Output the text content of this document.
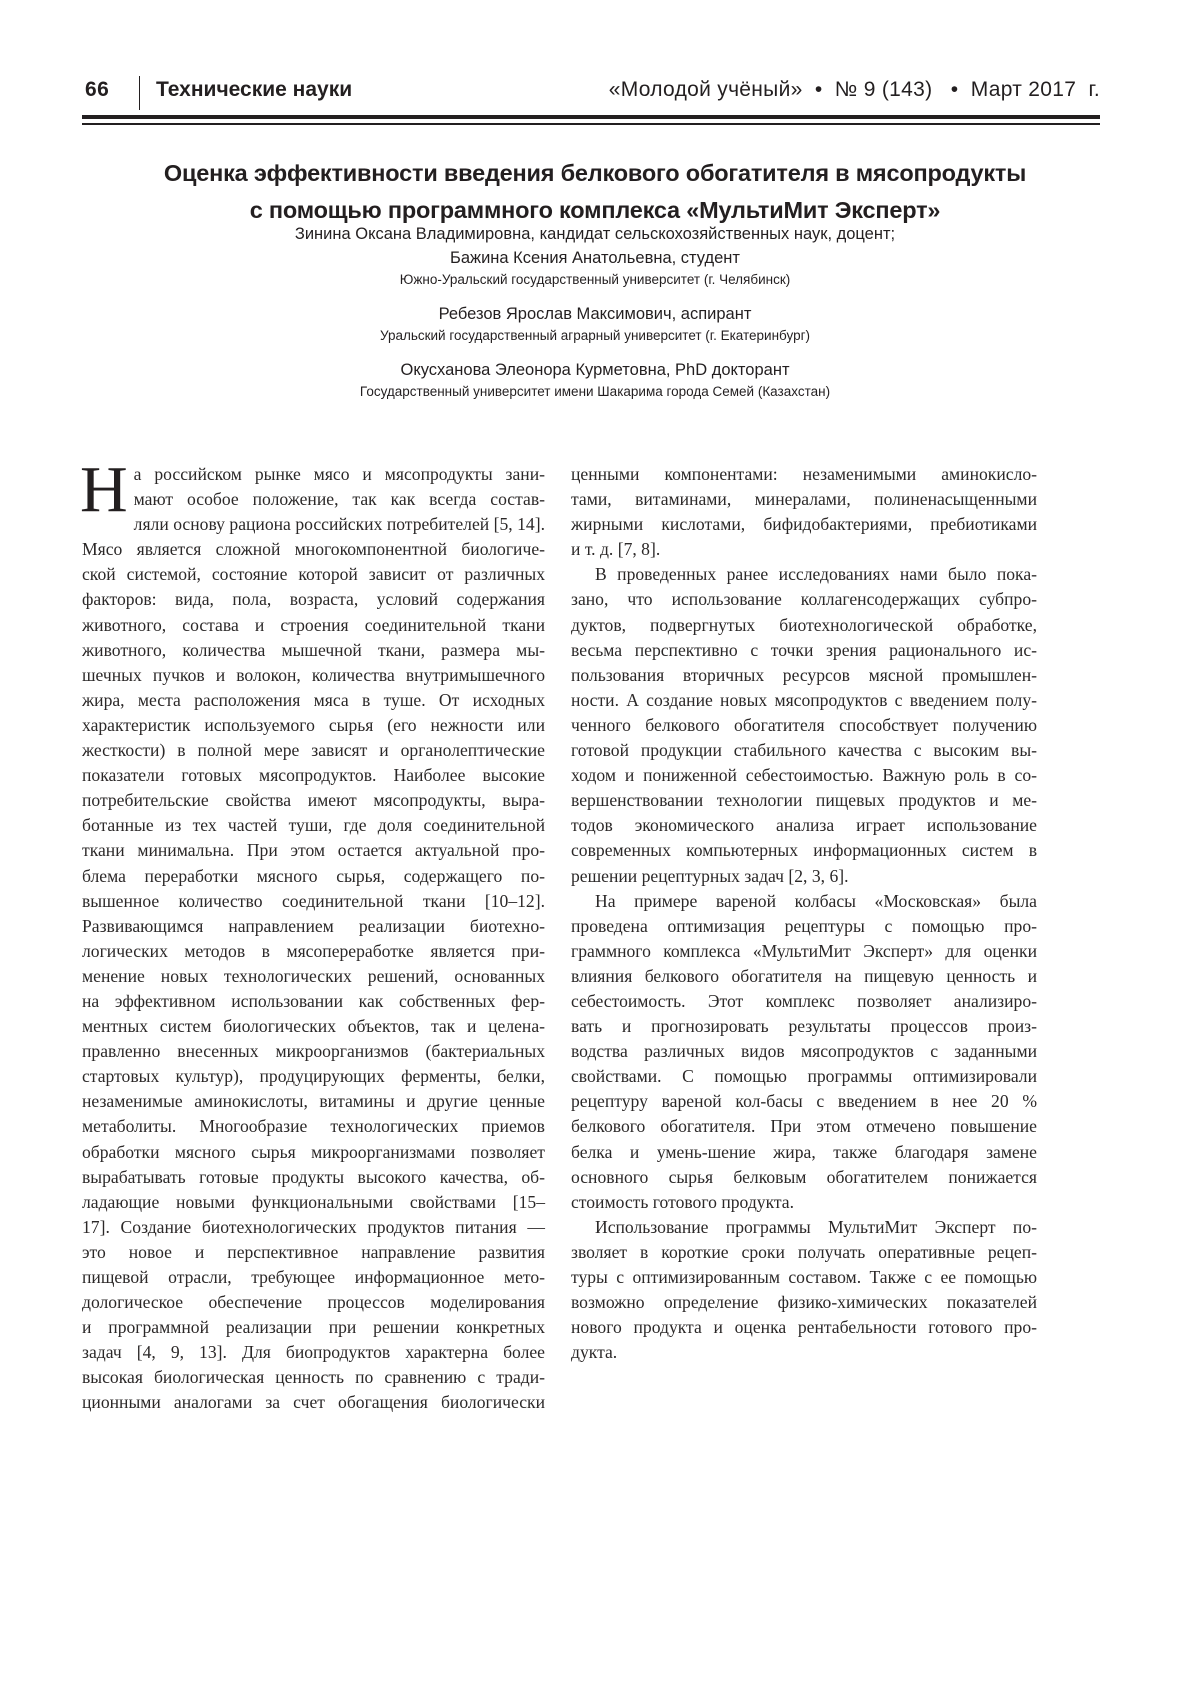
66 Технические науки	«Молодой учёный»  •  № 9 (143)   •  Март 2017  г.
Оценка эффективности введения белкового обогатителя в мясопродукты
с помощью программного комплекса «МультиМит Эксперт»
Зинина Оксана Владимировна, кандидат сельскохозяйственных наук, доцент;
Бажина Ксения Анатольевна, студент
Южно-Уральский государственный университет (г. Челябинск)
Ребезов Ярослав Максимович, аспирант
Уральский государственный аграрный университет (г. Екатеринбург)
Окусханова Элеонора Курметовна, PhD докторант
Государственный университет имени Шакарима города Семей (Казахстан)
Н а российском рынке мясо и мясопродукты зани-
мают особое положение, так как всегда состав-
ляли основу рациона российских потребителей [5, 14].
Мясо является сложной многокомпонентной биологиче-
ской системой, состояние которой зависит от различных
факторов: вида, пола, возраста, условий содержания
животного, состава и строения соединительной ткани
животного, количества мышечной ткани, размера мы-
шечных пучков и волокон, количества внутримышечного
жира, места расположения мяса в туше. От исходных
характеристик используемого сырья (его нежности или
жесткости) в полной мере зависят и органолептические
показатели готовых мясопродуктов. Наиболее высокие
потребительские свойства имеют мясопродукты, выра-
ботанные из тех частей туши, где доля соединительной
ткани минимальна. При этом остается актуальной про-
блема переработки мясного сырья, содержащего по-
вышенное количество соединительной ткани [10–12].
Развивающимся направлением реализации биотехно-
логических методов в мясопереработке является при-
менение новых технологических решений, основанных
на эффективном использовании как собственных фер-
ментных систем биологических объектов, так и целена-
правленно внесенных микроорганизмов (бактериальных
стартовых культур), продуцирующих ферменты, белки,
незаменимые аминокислоты, витамины и другие ценные
метаболиты. Многообразие технологических приемов
обработки мясного сырья микроорганизмами позволяет
вырабатывать готовые продукты высокого качества, об-
ладающие новыми функциональными свойствами [15–
17]. Создание биотехнологических продуктов питания —
это новое и перспективное направление развития
пищевой отрасли, требующее информационное мето-
дологическое обеспечение процессов моделирования
и программной реализации при решении конкретных
задач [4, 9, 13]. Для биопродуктов характерна более
высокая биологическая ценность по сравнению с тради-
ционными аналогами за счет обогащения биологически
ценными компонентами: незаменимыми аминокисло-
тами, витаминами, минералами, полиненасыщенными
жирными кислотами, бифидобактериями, пребиотиками
и т. д. [7, 8].
В проведенных ранее исследованиях нами было пока-
зано, что использование коллагенсодержащих субпро-
дуктов, подвергнутых биотехнологической обработке,
весьма перспективно с точки зрения рационального ис-
пользования вторичных ресурсов мясной промышлен-
ности. А создание новых мясопродуктов с введением полу-
ченного белкового обогатителя способствует получению
готовой продукции стабильного качества с высоким вы-
ходом и пониженной себестоимостью. Важную роль в со-
вершенствовании технологии пищевых продуктов и ме-
тодов экономического анализа играет использование
современных компьютерных информационных систем в
решении рецептурных задач [2, 3, 6].
На примере вареной колбасы «Московская» была
проведена оптимизация рецептуры с помощью про-
граммного комплекса «МультиМит Эксперт» для оценки
влияния белкового обогатителя на пищевую ценность и
себестоимость. Этот комплекс позволяет анализиро-
вать и прогнозировать результаты процессов произ-
водства различных видов мясопродуктов с заданными
свойствами. С помощью программы оптимизировали
рецептуру вареной кол-басы с введением в нее 20 %
белкового обогатителя. При этом отмечено повышение
белка и умень-шение жира, также благодаря замене
основного сырья белковым обогатителем понижается
стоимость готового продукта.
Использование программы МультиМит Эксперт по-
зволяет в короткие сроки получать оперативные рецеп-
туры с оптимизированным составом. Также с ее помощью
возможно определение физико-химических показателей
нового продукта и оценка рентабельности готового про-
дукта.
